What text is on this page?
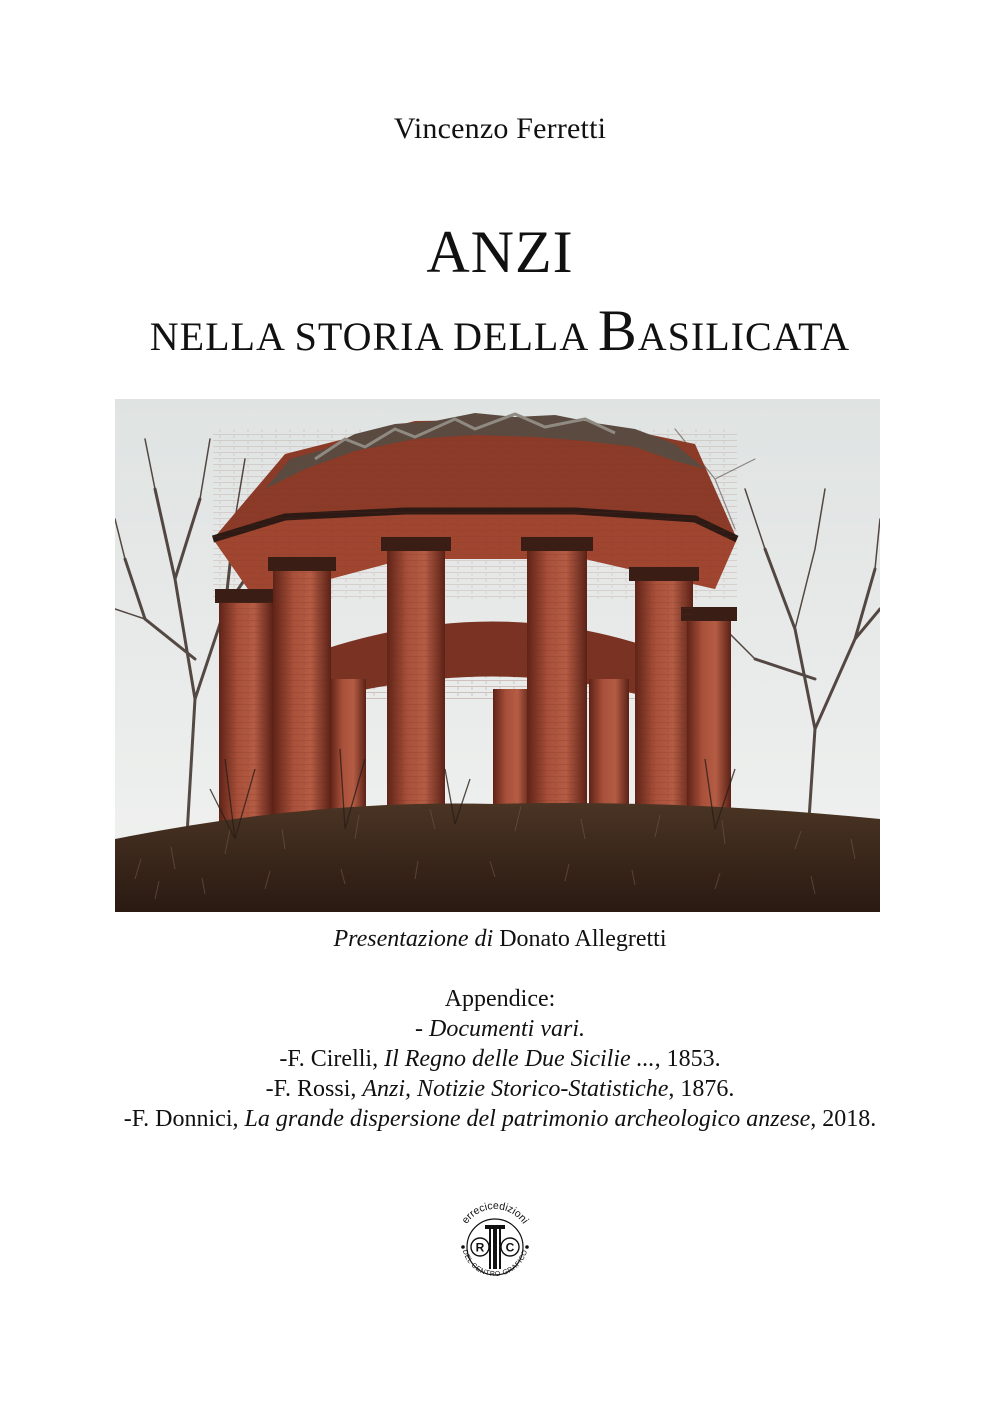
Vincenzo Ferretti
ANZI
NELLA STORIA DELLA BASILICATA
Presentazione di Donato Allegretti
Appendice:
- Documenti vari.
-F. Cirelli, Il Regno delle Due Sicilie ..., 1853.
-F. Rossi, Anzi, Notizie Storico-Statistiche, 1876.
-F. Donnici, La grande dispersione del patrimonio archeologico anzese, 2018.
errecicedizioni
DEL CENTRO GRAFICO
R C
